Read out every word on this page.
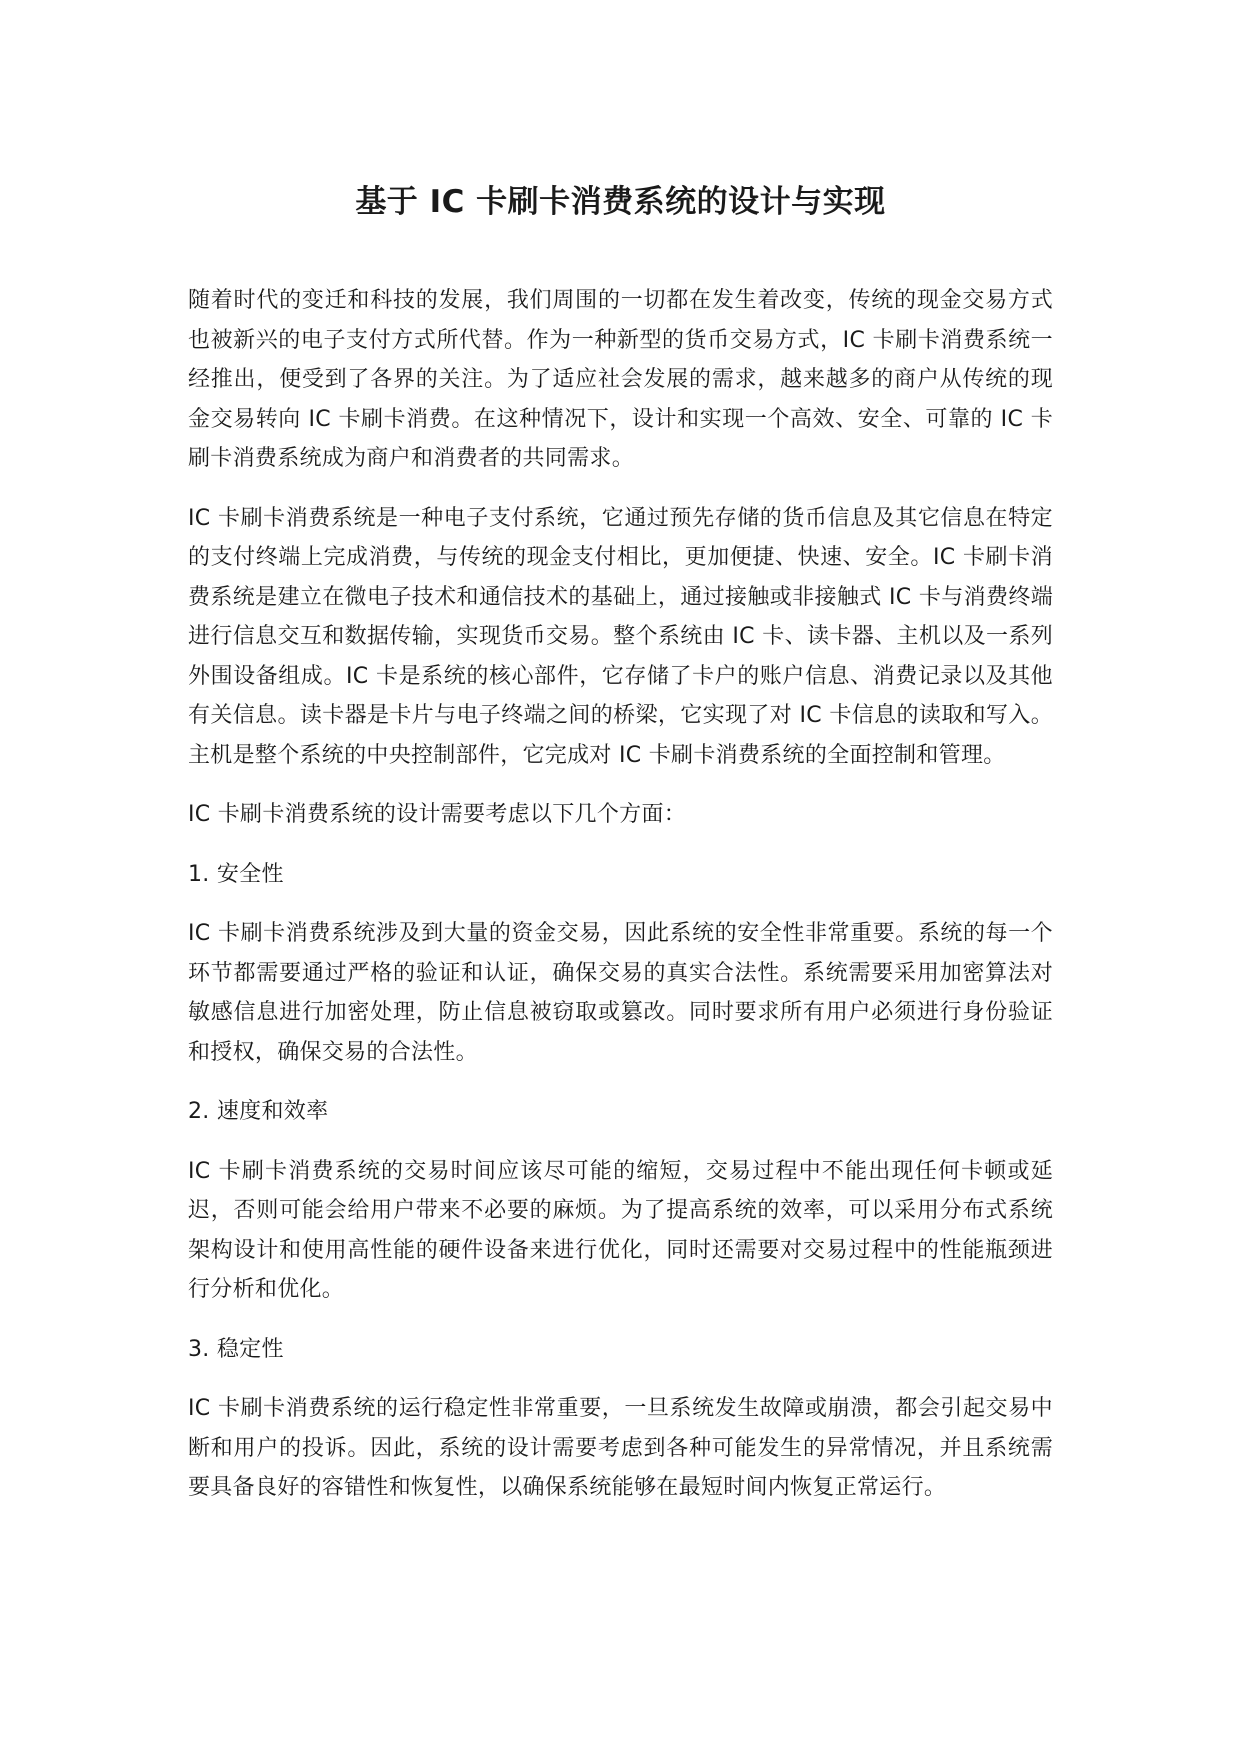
基于 IC 卡刷卡消费系统的设计与实现

随着时代的变迁和科技的发展，我们周围的一切都在发生着改变，传统的现金交易方式也被新兴的电子支付方式所代替。作为一种新型的货币交易方式，IC 卡刷卡消费系统一经推出，便受到了各界的关注。为了适应社会发展的需求，越来越多的商户从传统的现金交易转向 IC 卡刷卡消费。在这种情况下，设计和实现一个高效、安全、可靠的 IC 卡刷卡消费系统成为商户和消费者的共同需求。

IC 卡刷卡消费系统是一种电子支付系统，它通过预先存储的货币信息及其它信息在特定的支付终端上完成消费，与传统的现金支付相比，更加便捷、快速、安全。IC 卡刷卡消费系统是建立在微电子技术和通信技术的基础上，通过接触或非接触式 IC 卡与消费终端进行信息交互和数据传输，实现货币交易。整个系统由 IC 卡、读卡器、主机以及一系列外围设备组成。IC 卡是系统的核心部件，它存储了卡户的账户信息、消费记录以及其他有关信息。读卡器是卡片与电子终端之间的桥梁，它实现了对 IC 卡信息的读取和写入。主机是整个系统的中央控制部件，它完成对 IC 卡刷卡消费系统的全面控制和管理。

IC 卡刷卡消费系统的设计需要考虑以下几个方面：

1. 安全性

IC 卡刷卡消费系统涉及到大量的资金交易，因此系统的安全性非常重要。系统的每一个环节都需要通过严格的验证和认证，确保交易的真实合法性。系统需要采用加密算法对敏感信息进行加密处理，防止信息被窃取或篡改。同时要求所有用户必须进行身份验证和授权，确保交易的合法性。

2. 速度和效率

IC 卡刷卡消费系统的交易时间应该尽可能的缩短，交易过程中不能出现任何卡顿或延迟，否则可能会给用户带来不必要的麻烦。为了提高系统的效率，可以采用分布式系统架构设计和使用高性能的硬件设备来进行优化，同时还需要对交易过程中的性能瓶颈进行分析和优化。

3. 稳定性

IC 卡刷卡消费系统的运行稳定性非常重要，一旦系统发生故障或崩溃，都会引起交易中断和用户的投诉。因此，系统的设计需要考虑到各种可能发生的异常情况，并且系统需要具备良好的容错性和恢复性，以确保系统能够在最短时间内恢复正常运行。
